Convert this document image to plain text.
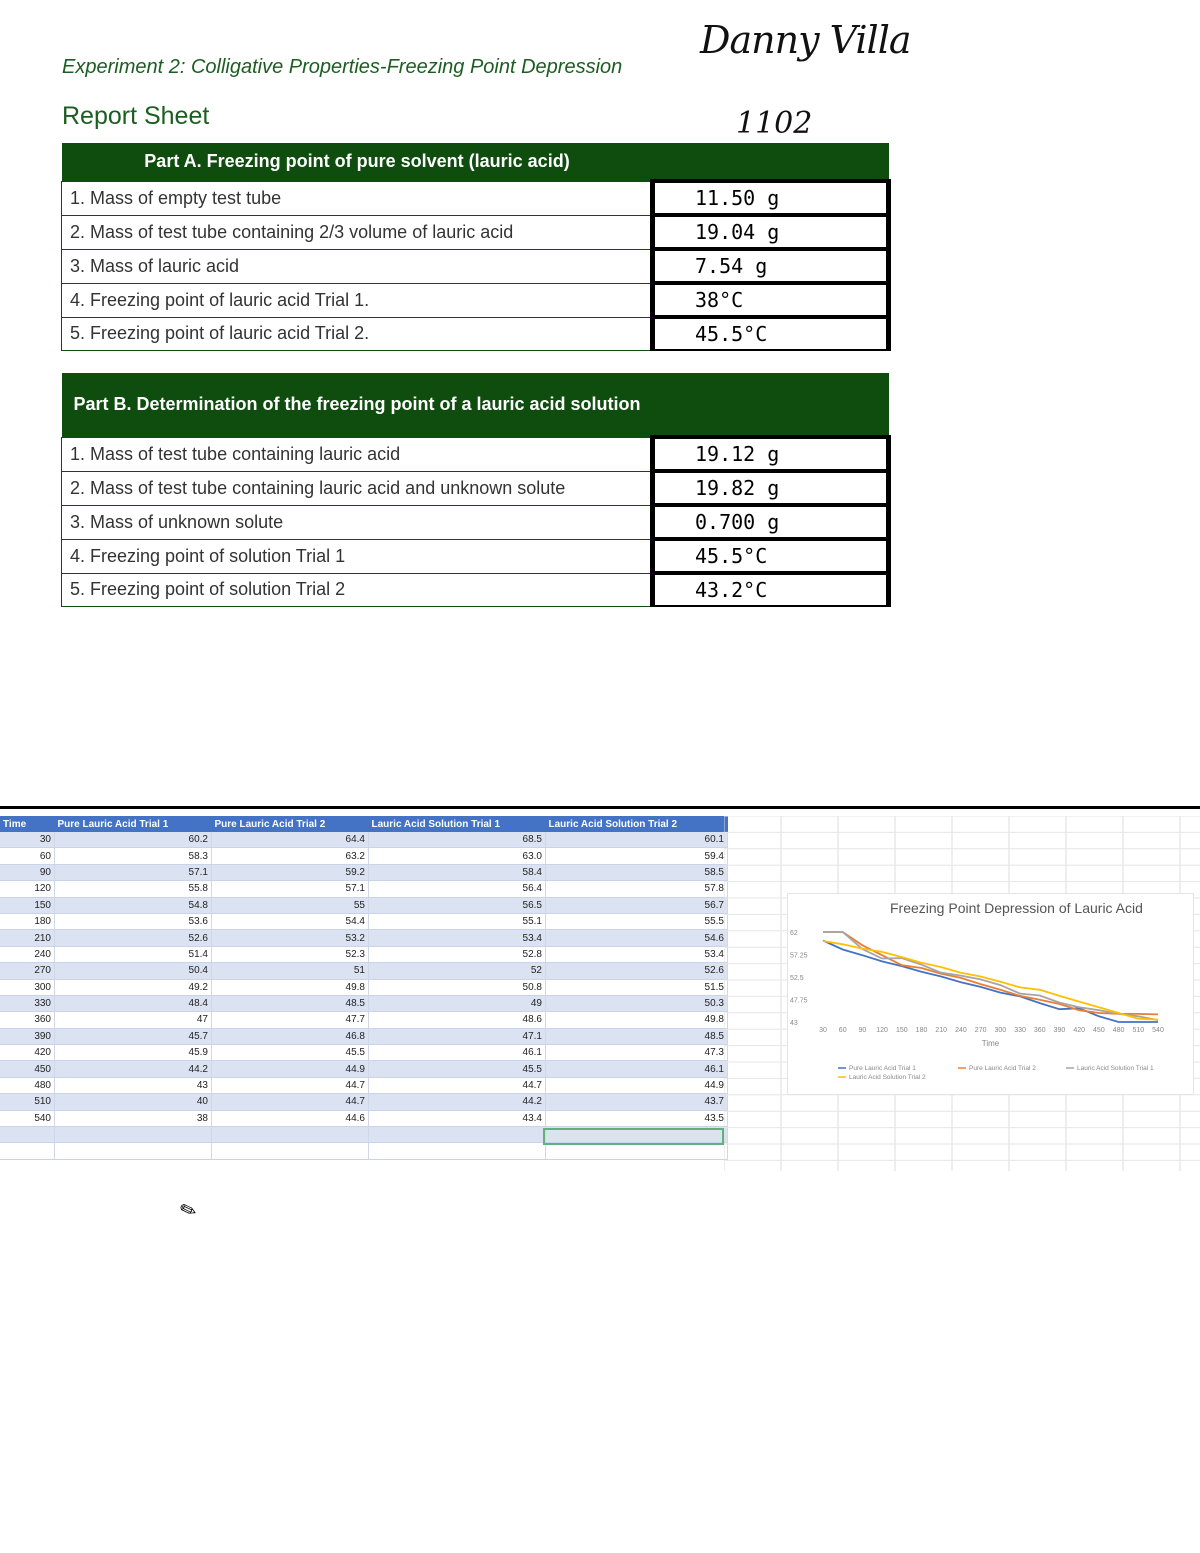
Experiment 2: Colligative Properties-Freezing Point Depression
Report Sheet
Danny Villa
1102
Part A. Freezing point of pure solvent (lauric acid)	
1. Mass of empty test tube	11.50 g
2. Mass of test tube containing 2/3 volume of lauric acid	19.04 g
3. Mass of lauric acid	7.54 g
4. Freezing point of lauric acid Trial 1.	38°C
5. Freezing point of lauric acid Trial 2.	45.5°C
Part B. Determination of the freezing point of a lauric acid solution	
1. Mass of test tube containing lauric acid	19.12 g
2. Mass of test tube containing lauric acid and unknown solute	19.82 g
3. Mass of unknown solute	0.700 g
4. Freezing point of solution Trial 1	45.5°C
5. Freezing point of solution Trial 2	43.2°C
Time	Pure Lauric Acid Trial 1	Pure Lauric Acid Trial 2	Lauric Acid Solution Trial 1	Lauric Acid Solution Trial 2
30	60.2	64.4	68.5	60.1
60	58.3	63.2	63.0	59.4
90	57.1	59.2	58.4	58.5
120	55.8	57.1	56.4	57.8
150	54.8	55	56.5	56.7
180	53.6	54.4	55.1	55.5
210	52.6	53.2	53.4	54.6
240	51.4	52.3	52.8	53.4
270	50.4	51	52	52.6
300	49.2	49.8	50.8	51.5
330	48.4	48.5	49	50.3
360	47	47.7	48.6	49.8
390	45.7	46.8	47.1	48.5
420	45.9	45.5	46.1	47.3
450	44.2	44.9	45.5	46.1
480	43	44.7	44.7	44.9
510	40	44.7	44.2	43.7
540	38	44.6	43.4	43.5

62
57.25
52.5
47.75
43
30 60 90 120 150 180 210 240 270 300 330 360 390 420 450 480 510 540
Time
Pure Lauric Acid Trial 1	Pure Lauric Acid Trial 2	Lauric Acid Solution Trial 1
Lauric Acid Solution Trial 2
Freezing Point Depression of Lauric Acid
✎
